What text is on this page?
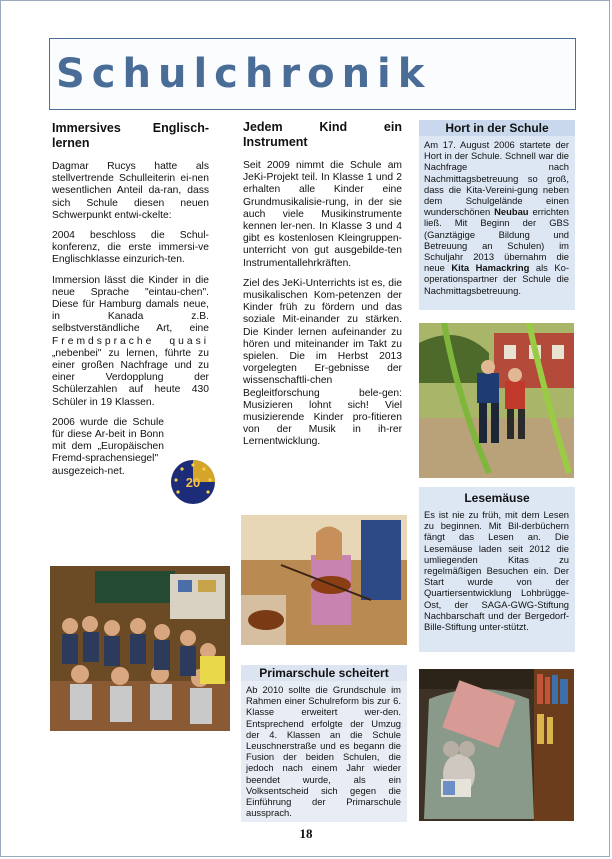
Schulchronik
Immersives Englisch-lernen

Dagmar Rucys hatte als stellvertrende Schulleiterin ei-nen wesentlichen Anteil da-ran, dass sich Schule diesen neuen Schwerpunkt entwi-ckelte:

2004 beschloss die Schul-konferenz, die erste immersi-ve Englischklasse einzurich-ten.

Immersion lässt die Kinder in die neue Sprache "eintau-chen". Diese für Hamburg damals neue, in Kanada z.B. selbstverständliche Art, eine Fremdsprache quasi „nebenbei" zu lernen, führte zu einer großen Nachfrage und zu einer Verdopplung der Schülerzahlen auf heute 430 Schüler in 19 Klassen.

2006 wurde die Schule für diese Ar-beit in Bonn mit dem „Europäischen Fremd-sprachensiegel" ausgezeich-net.

20
Jedem Kind ein Instrument

Seit 2009 nimmt die Schule am JeKi-Projekt teil. In Klasse 1 und 2 erhalten alle Kinder eine Grundmusikalisie-rung, in der sie auch viele Musikinstrumente kennen ler-nen. In Klasse 3 und 4 gibt es kostenlosen Kleingruppen-unterricht von gut ausgebilde-ten Instrumentallehrkräften.

Ziel des JeKi-Unterrichts ist es, die musikalischen Kom-petenzen der Kinder früh zu fördern und das soziale Mit-einander zu stärken. Die Kinder lernen aufeinander zu hören und miteinander im Takt zu spielen. Die im Herbst 2013 vorgelegten Er-gebnisse der wissenschaftli-chen Begleitforschung bele-gen: Musizieren lohnt sich! Viel musizierende Kinder pro-fitieren von der Musik in ih-rer Lernentwicklung.

Hort in der Schule

Am 17. August 2006 startete der Hort in der Schule. Schnell war die Nachfrage nach Nachmittagsbetreuung so groß, dass die Kita-Vereini-gung neben dem Schulgelände einen wunderschönen Neubau errichten ließ. Mit Beginn der GBS (Ganztägige Bildung und Betreuung an Schulen) im Schuljahr 2013 übernahm die neue Kita Hamackring als Ko-operationspartner der Schule die Nachmittagsbetreuung.

Lesemäuse

Es ist nie zu früh, mit dem Lesen zu beginnen. Mit Bil-derbüchern fängt das Lesen an. Die Lesemäuse laden seit 2012 die umliegenden Kitas zu regelmäßigen Besuchen ein. Der Start wurde von der Quartiersentwicklung Lohbrügge-Ost, der SAGA-GWG-Stiftung Nachbarschaft und der Bergedorf-Bille-Stiftung unter-stützt.

Primarschule scheitert

Ab 2010 sollte die Grundschule im Rahmen einer Schulreform bis zur 6. Klasse erweitert wer-den. Entsprechend erfolgte der Umzug der 4. Klassen an die Schule Leuschnerstraße und es begann die Fusion der beiden Schulen, die jedoch nach einem Jahr wieder beendet wurde, als ein Volksentscheid sich gegen die Einführung der Primarschule aussprach.

18
